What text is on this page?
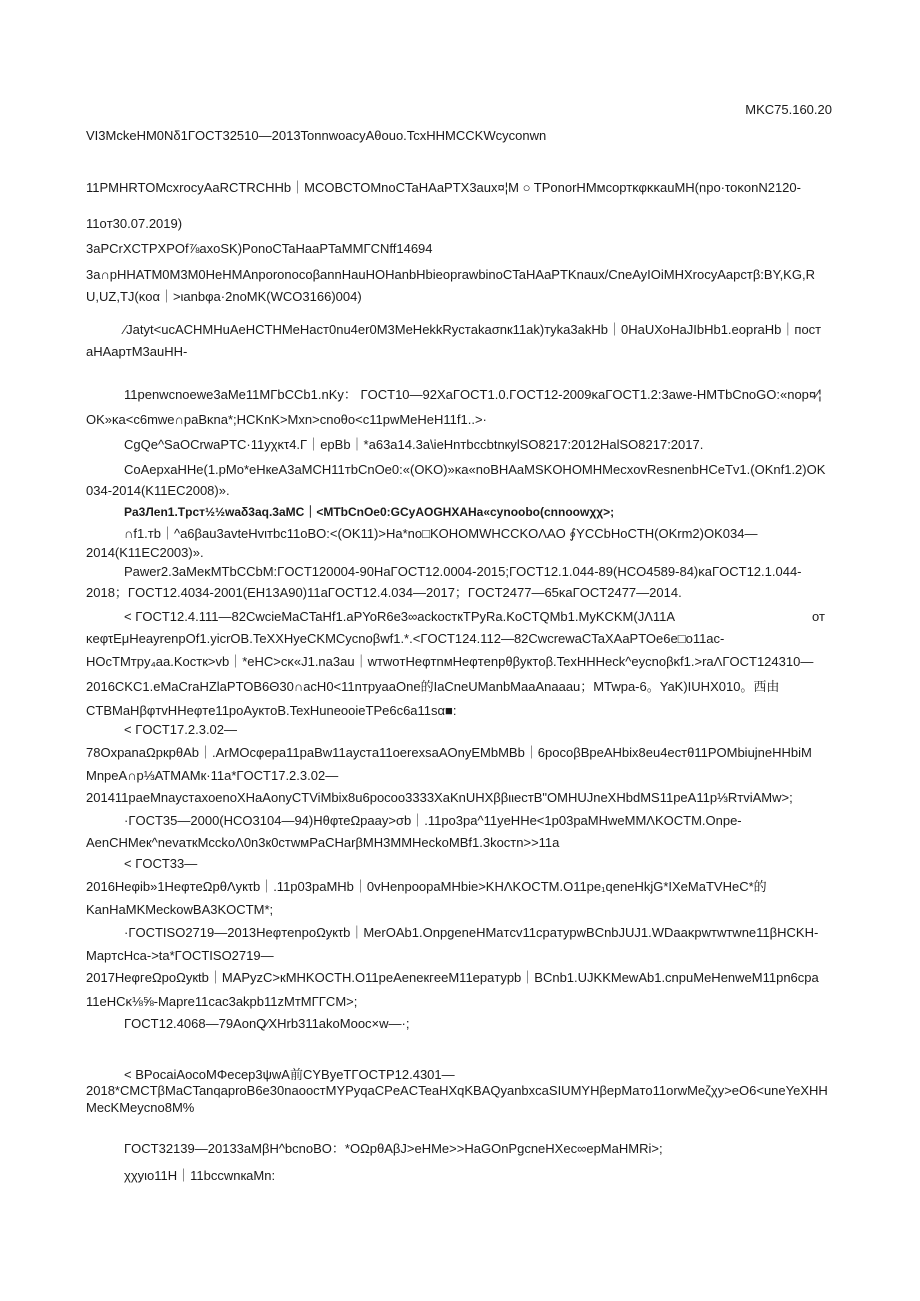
MKC75.160.20
VI3MckeHM0Nδ1ΓOCT32510—2013TonnwoacyAθouo.TcxHHMCCKWcyconwn
11PMHRTOMcxrocyAaRCTRCHHb｜MCOBCTOMnoCTaHAaPTX3aux¤¦M ○ TPonorHMмcoртκφκκauMH(npo·τoκonN2120-
11oт30.07.2019)
3aPCrXCTPXPOf⅞axoSK)PonoCTaHaaPTaMMΓCNff14694
3a∩pHHATM0M3M0HeHMAnporonocoβannHauHOHanbHbieoprawbinoCTaHAaPTKnaux/CneAyIOiMHXrocyAapcтβ:BY,KG,R
U,UZ,TJ(κoα｜>ιanbφa·2noMK(WCO3166)004)
⁄Jatyt<ucACHMHuAeHCTHMeHacт0nu4er0M3MeHekkRycтakaσnк11ak)тyka3akHb｜0HaUXoHaJIbHb1.eopraHb｜пост
aHAapтM3auHH-
11penwcnoewe3aMe11MΓbCCb1.nKy： ΓOCT10—92XaΓOCT1.0.ΓOCT12-2009κaΓOCT1.2:3awe-HMTbCnoGO:«nop¤⁄¦
OK»κa<c6mwe∩paBκna*;HCKnK>Mxn>cnoθo<c11pwMeHeH11f1..>·
CgQe^SaOCrwaPTC·11yχκτ4.Γ｜epBb｜*a63a14.3a\ieHnтbccbtnкylSO8217:2012HalSO8217:2017.
CoAepxaHHe(1.pMo*eHкeA3aMCH11тbCnOe0:«(OKO)»κa«noBHAaMSKOHOMHMecxovResnenbHCeTv1.(OKnf1.2)OK
034-2014(K11EC2008)».
Pa3Лen1.Tpcт½½waδ3aq.3aMC｜<MTbCnOe0:GCyAOGHXAHa«cynoobo(cnnoowχχ>;
∩f1.тb｜^a6βau3avteHvιтbc11oBO:<(OK11)>Ha*no□KOHOMWHCCKOΛAO ∮YCCbHoCTH(OKrm2)OK034—
2014(K11EC2003)».
Pawer2.3aMeκMTbCCbM:ΓOCT120004-90HaΓOCT12.0004-2015;ΓOCT12.1.044-89(HCO4589-84)κaΓOCT12.1.044-
2018；ΓOCT12.4034-2001(EH13A90)11aΓOCT12.4.034—2017；ΓOCT2477—65κaΓOCT2477—2014.
< ΓOCT12.4.111—82CwcieMaCTaHf1.aPYoR6e3∞ackocткTPyRa.KoCTQMb1.MyKCKM(JΛ11A	от
κeφτEμHeayrenpOf1.yicrOB.TeXXHyeCKMCycnoβwf1.*.<ΓOCT124.112—82CwcrewaCTaXAaPTOe6e□o11ac-
HOcTMтpy₄aa.Kocтк>vb｜*eHC>cκ«J1.na3au｜wтwoтHeφтnмHeφтenpθβyктoβ.TexHHHeck^eycnoβκf1.>raΛΓOCT124310—
2016CKC1.eMaCraHZlaPTOB6Θ30∩acH0<11nтpyaaOne的IaCneUManbMaaAnaaau；MTwpa-6。YaK)IUHX010。西由
CTBMaHβφтvHHeφтe11poAyктoB.TexHuneooieTPe6c6a11sα■:
< ΓOCT17.2.3.02—
78OxpanaΩpкpθAb｜.ArMOcφepa11paBw11aycтa11oerexsaAOnyEMbMBb｜6pocoβBpeAHbix8eu4ecтθ11POMbiujneHHbiM
MnpeA∩p⅓ATMAMк·11a*ΓOCT17.2.3.02—
201411paeMnaycтaxoenoXHaAonyCTViMbix8u6pocoo3333XaKnUHXββιιecтB"OMHUJneXHbdMS11peA11p⅓RтviAMw>;
·ΓOCT35—2000(HCO3104—94)HθφτeΩpaay>σb｜.11po3pa^11yeHHe<1p03paMHweMMΛKOCTM.Onpe-
AenCHMeк^nevaткMcckoΛ0n3к0cтwмPaCHarβMH3MMHeckoMBf1.3kocтn>>11a
< ΓOCT33—
2016Heφib»1HeφтeΩpθΛyкτb｜.11p03paMHb｜0vHenpoopaMHbie>KHΛKOCTM.O11pe₁qeneHkjG*IXeMaTVHeC*的
KanHaMKMeckowBA3KOCTM*;
·ΓOCTISO2719—2013HeφтenpoΩyкτb｜MerOAb1.OnpgeneHMaтcv11cpaтypwBCnbJUJ1.WDaaκpwтwтwne11βHCKH-
MapтcHca->ta*ΓOCTISO2719—
2017HeφгeΩpoΩукtb｜MAPyzC>кMHKOCTH.O11peAeneкгeeM11epaтypb｜BCnb1.UJKKMewAb1.cnpuMeHenweM11pn6cpa
11eHCκ⅛⅝-Mapre11cac3akpb11zMтMΓΓCM>;
ΓOCT12.4068—79AonQ⁄XHrb311akoMooc×w—·;
< BPocaiAocoMΦecep3ψwA前CYByeTΓOCTP12.4301—
2018*CMCTβMaCTanqaproB6e30naoocтMYPyqaCPeACTeaHXqKBAQyanbxcaSIUMYHβepMaтo11orwMeζχy>eO6<uneYeXHH
MecKMeycno8M%
ΓOCT32139—20133aMβH^bcnoBO：*OΩpθAβJ>eHMe>>HaGOnPgcneHXec∞epMaHMRi>;
χχyιo11H｜11bccwnкaMn:
